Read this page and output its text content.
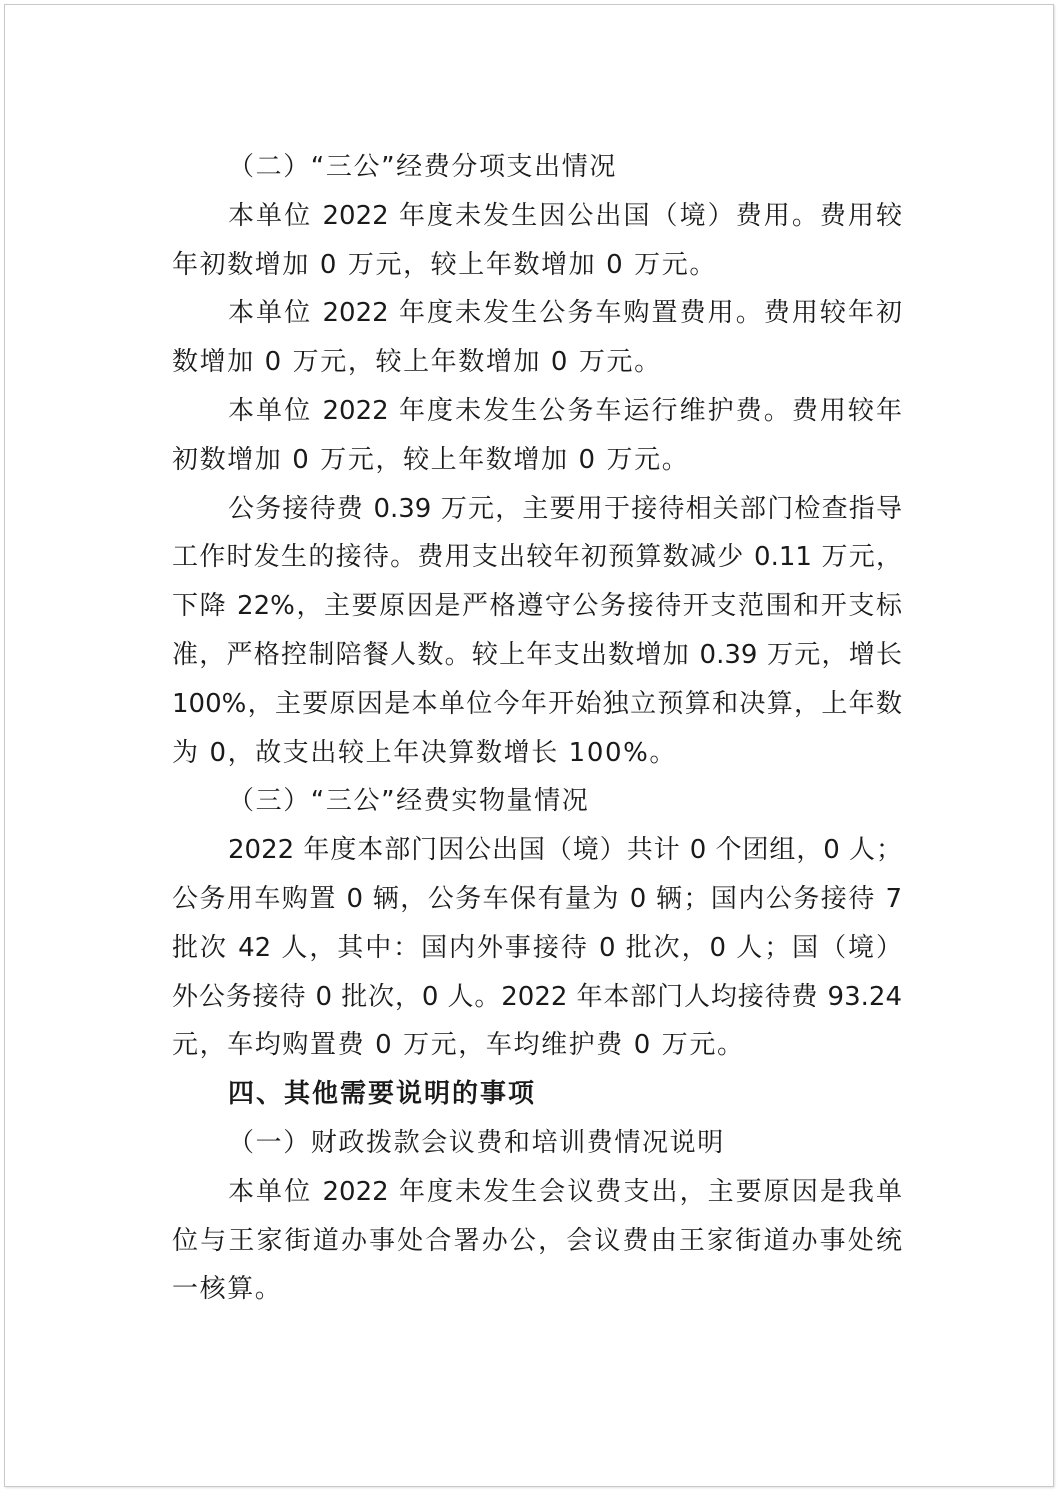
（二）“三公”经费分项支出情况
本单位 2022 年度未发生因公出国（境）费用。费用较
年初数增加 0 万元，较上年数增加 0 万元。
本单位 2022 年度未发生公务车购置费用。费用较年初
数增加 0 万元，较上年数增加 0 万元。
本单位 2022 年度未发生公务车运行维护费。费用较年
初数增加 0 万元，较上年数增加 0 万元。
公务接待费 0.39 万元，主要用于接待相关部门检查指导
工作时发生的接待。费用支出较年初预算数减少 0.11 万元，
下降 22%，主要原因是严格遵守公务接待开支范围和开支标
准，严格控制陪餐人数。较上年支出数增加 0.39 万元，增长
100%，主要原因是本单位今年开始独立预算和决算，上年数
为 0，故支出较上年决算数增长 100%。
（三）“三公”经费实物量情况
2022 年度本部门因公出国（境）共计 0 个团组，0 人；
公务用车购置 0 辆，公务车保有量为 0 辆；国内公务接待 7
批次 42 人，其中：国内外事接待 0 批次，0 人；国（境）
外公务接待 0 批次，0 人。2022 年本部门人均接待费 93.24
元，车均购置费 0 万元，车均维护费 0 万元。
四、其他需要说明的事项
（一）财政拨款会议费和培训费情况说明
本单位 2022 年度未发生会议费支出，主要原因是我单
位与王家街道办事处合署办公，会议费由王家街道办事处统
一核算。
